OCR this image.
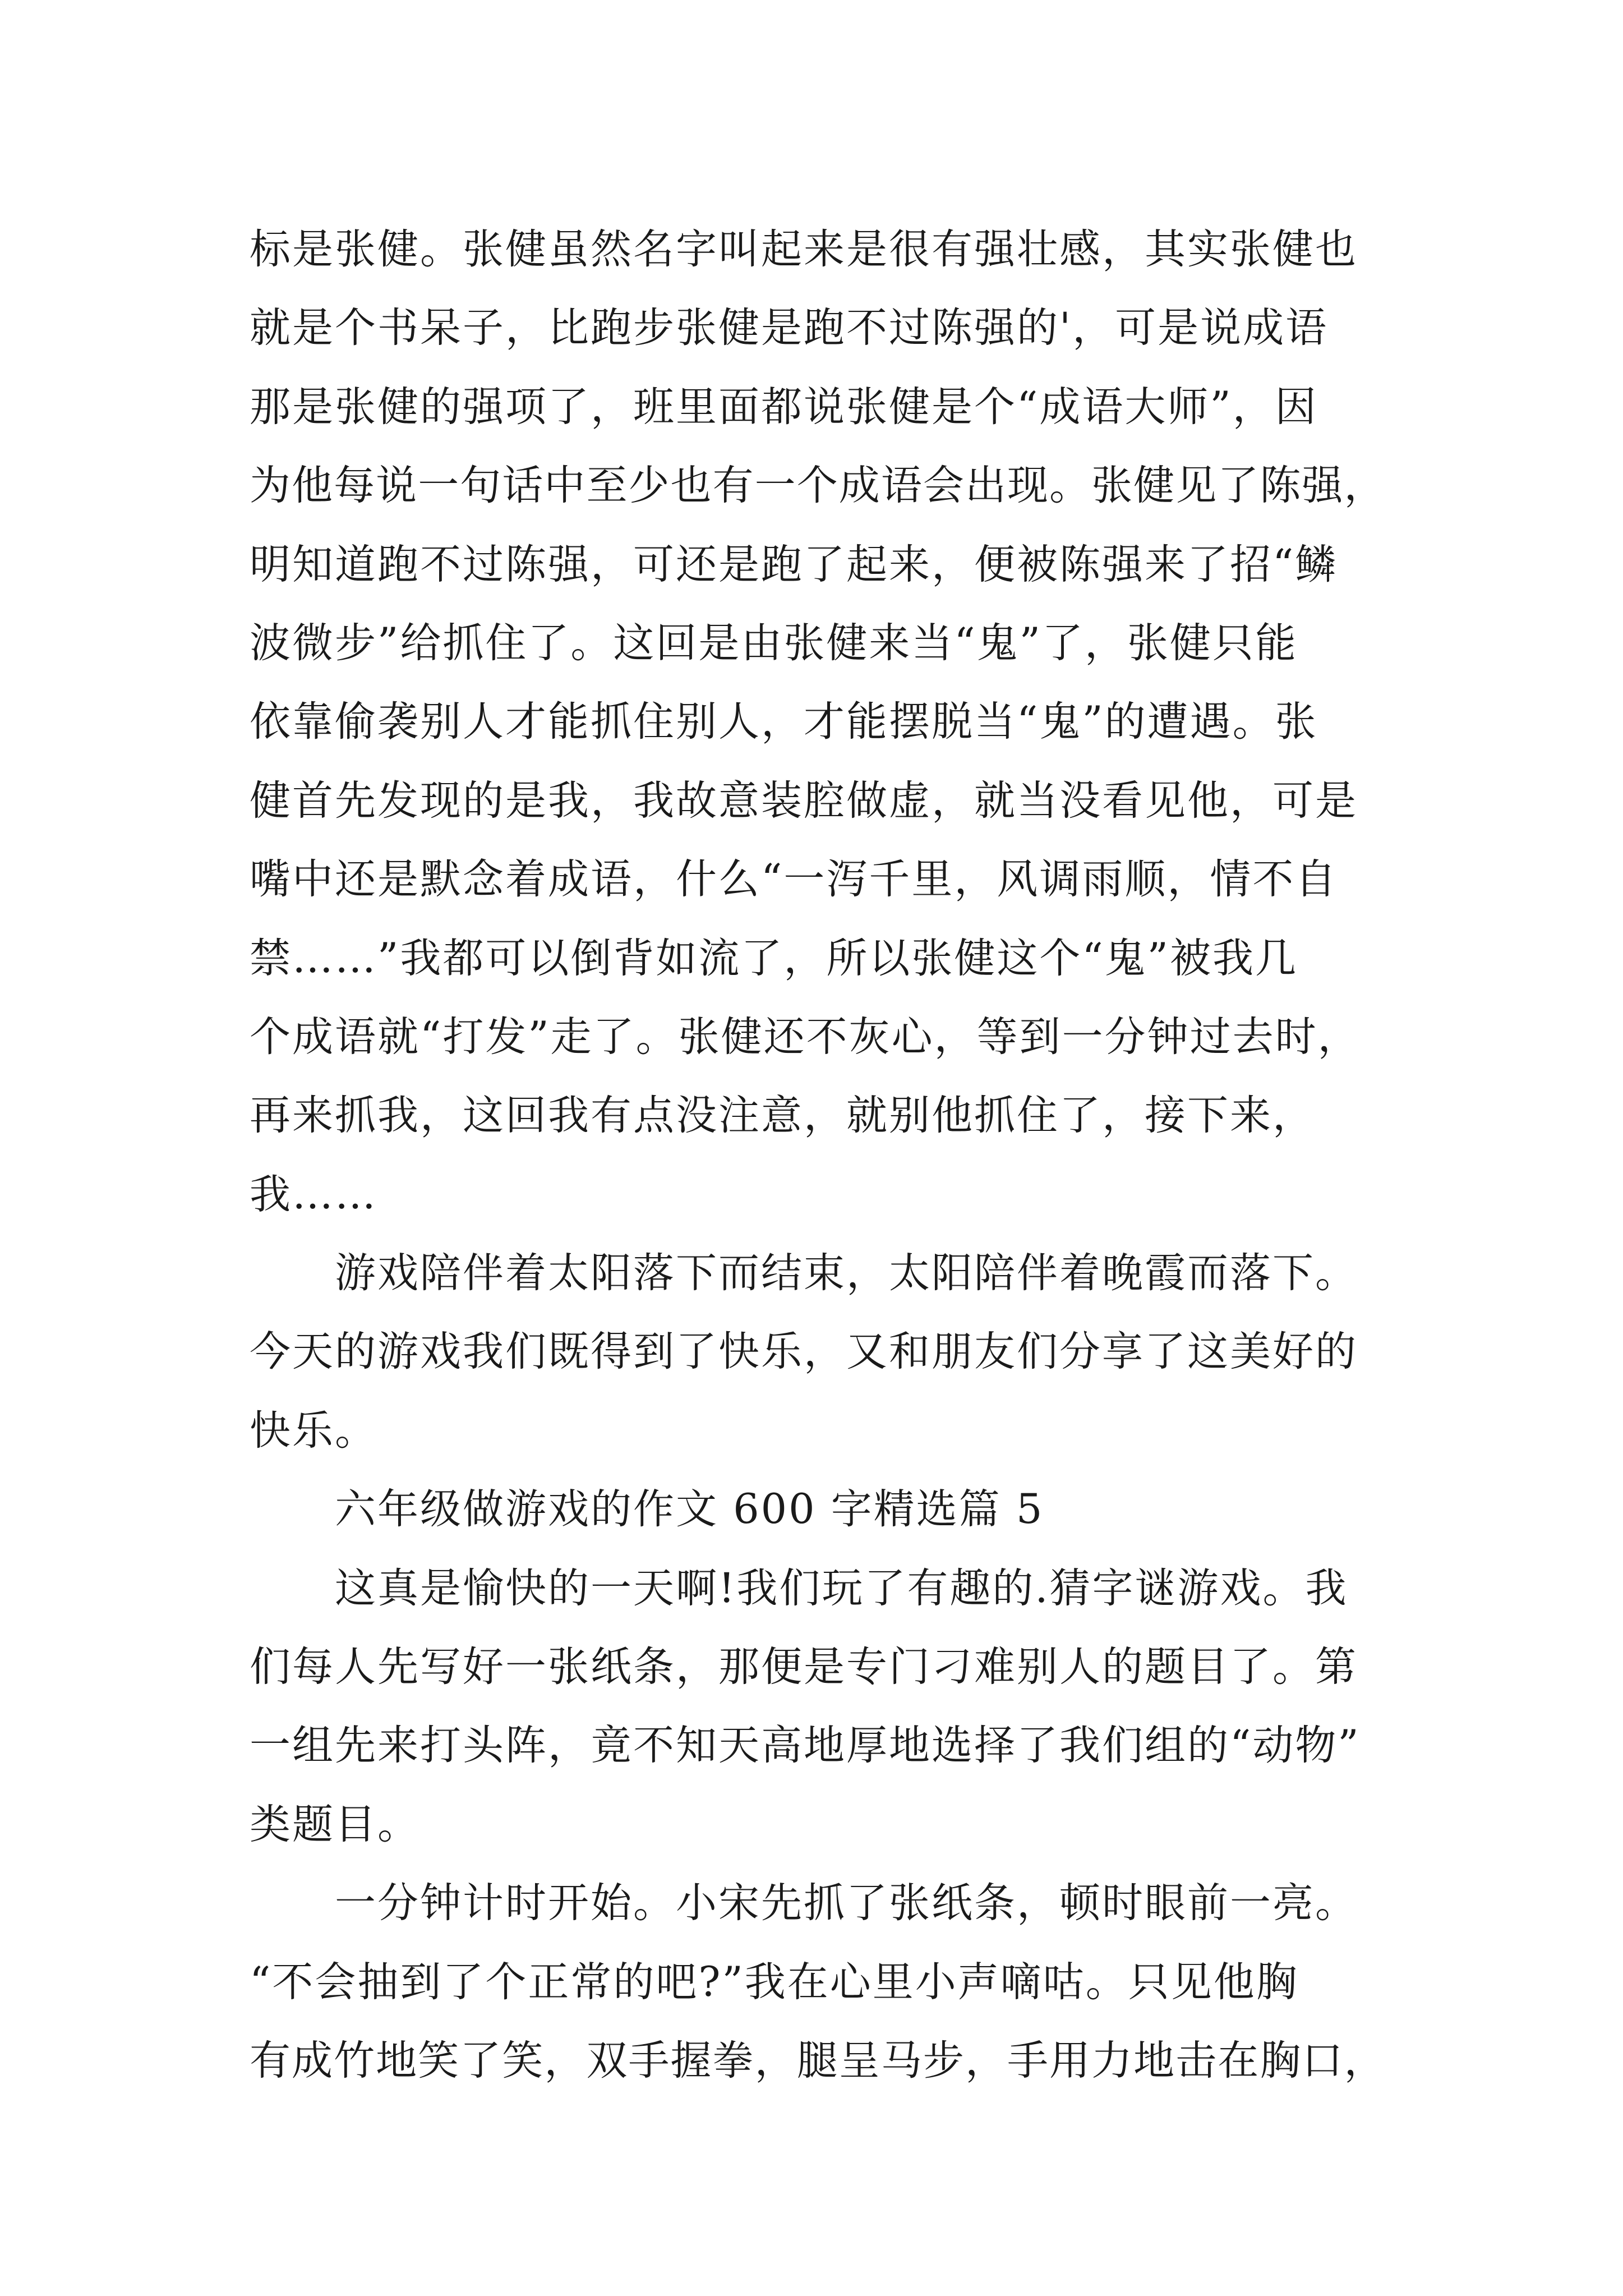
标是张健。张健虽然名字叫起来是很有强壮感，其实张健也
就是个书呆子，比跑步张健是跑不过陈强的'，可是说成语
那是张健的强项了，班里面都说张健是个“成语大师”，因
为他每说一句话中至少也有一个成语会出现。张健见了陈强，
明知道跑不过陈强，可还是跑了起来，便被陈强来了招“鳞
波微步”给抓住了。这回是由张健来当“鬼”了，张健只能
依靠偷袭别人才能抓住别人，才能摆脱当“鬼”的遭遇。张
健首先发现的是我，我故意装腔做虚，就当没看见他，可是
嘴中还是默念着成语，什么“一泻千里，风调雨顺，情不自
禁……”我都可以倒背如流了，所以张健这个“鬼”被我几
个成语就“打发”走了。张健还不灰心，等到一分钟过去时，
再来抓我，这回我有点没注意，就别他抓住了，接下来，
我……
游戏陪伴着太阳落下而结束，太阳陪伴着晚霞而落下。
今天的游戏我们既得到了快乐，又和朋友们分享了这美好的
快乐。
六年级做游戏的作文 600 字精选篇 5
这真是愉快的一天啊!我们玩了有趣的.猜字谜游戏。我
们每人先写好一张纸条，那便是专门刁难别人的题目了。第
一组先来打头阵，竟不知天高地厚地选择了我们组的“动物”
类题目。
一分钟计时开始。小宋先抓了张纸条，顿时眼前一亮。
“不会抽到了个正常的吧?”我在心里小声嘀咕。只见他胸
有成竹地笑了笑，双手握拳，腿呈马步，手用力地击在胸口，
